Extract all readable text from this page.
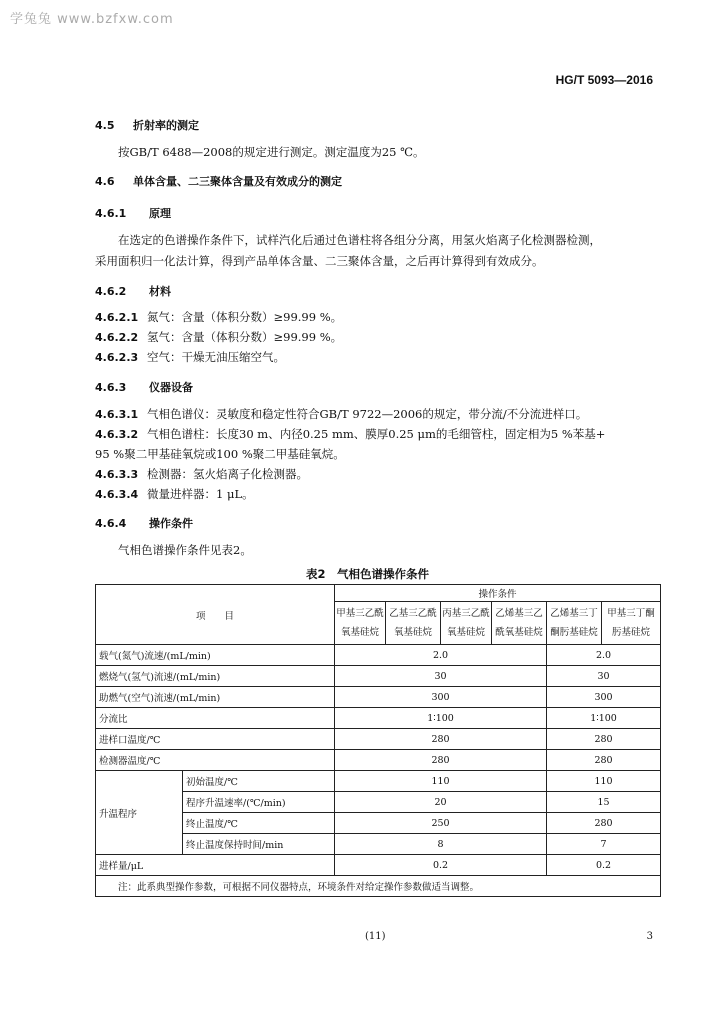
学兔兔 www.bzfxw.com
HG/T 5093—2016
4.5 折射率的测定
按GB/T 6488—2008的规定进行测定。测定温度为25 ℃。
4.6 单体含量、二三聚体含量及有效成分的测定
4.6.1 原理
在选定的色谱操作条件下，试样汽化后通过色谱柱将各组分分离，用氢火焰离子化检测器检测，
采用面积归一化法计算，得到产品单体含量、二三聚体含量，之后再计算得到有效成分。
4.6.2 材料
4.6.2.1 氮气：含量（体积分数）≥99.99 %。
4.6.2.2 氢气：含量（体积分数）≥99.99 %。
4.6.2.3 空气：干燥无油压缩空气。
4.6.3 仪器设备
4.6.3.1 气相色谱仪：灵敏度和稳定性符合GB/T 9722—2006的规定，带分流/不分流进样口。
4.6.3.2 气相色谱柱：长度30 m、内径0.25 mm、膜厚0.25 μm的毛细管柱，固定相为5 %苯基+
95 %聚二甲基硅氧烷或100 %聚二甲基硅氧烷。
4.6.3.3 检测器：氢火焰离子化检测器。
4.6.3.4 微量进样器：1 μL。
4.6.4 操作条件
气相色谱操作条件见表2。
表2　气相色谱操作条件
项　　目		操作条件					
		甲基三乙酰氧基硅烷	乙基三乙酰氧基硅烷	丙基三乙酰氧基硅烷	乙烯基三乙酰氧基硅烷	乙烯基三丁酮肟基硅烷	甲基三丁酮肟基硅烷
载气(氮气)流速/(mL/min)		2.0				2.0	
燃烧气(氢气)流速/(mL/min)		30				30	
助燃气(空气)流速/(mL/min)		300				300	
分流比		1∶100				1∶100	
进样口温度/℃		280				280	
检测器温度/℃		280				280	
升温程序	初始温度/℃	110				110	
	程序升温速率/(℃/min)	20				15	
	终止温度/℃	250				280	
	终止温度保持时间/min	8				7	
进样量/μL		0.2				0.2	
注：此系典型操作参数，可根据不同仪器特点，环境条件对给定操作参数做适当调整。							
(11)	3
